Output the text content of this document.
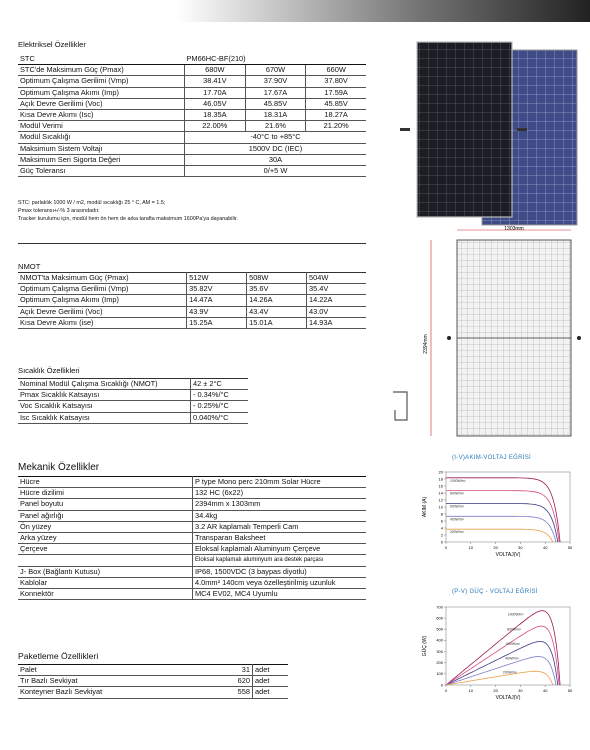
Elektriksel Özellikler
STC	PM66HC-BF(210)		
STC'de Maksimum Güç (Pmax)	680W	670W	660W
Optimum Çalışma Gerilimi (Vmp)	38.41V	37.90V	37.80V
Optimum Çalışma Akımı (Imp)	17.70A	17.67A	17.59A
Açık Devre Gerilimi (Voc)	46.05V	45.85V	45.85V
Kısa Devre Akımı (Isc)	18.35A	18.31A	18.27A
Modül Verimi	22.00%	21.6%	21.20%
Modül Sıcaklığı	-40°C to +85°C		
Maksimum Sistem Voltajı	1500V DC (IEC)		
Maksimum Seri Sigorta Değeri	30A		
Güç Toleransı	0/+5 W		
STC: parlaklık 1000 W / m2, modül sıcaklığı 25 ° C, AM = 1.5;
Pmax toleransı+/-% 3 arasındadır.
Tracker kurulumu için, modül hem ön hem de arka tarafta maksimum 1600Pa'ya dayanabilir.
NMOT
NMOT'ta Maksimum Güç (Pmax)	512W	508W	504W
Optimum Çalışma Gerilimi (Vmp)	35.82V	35.6V	35.4V
Optimum Çalışma Akımı (Imp)	14.47A	14.26A	14.22A
Açık Devre Gerilimi (Voc)	43.9V	43.4V	43.0V
Kısa Devre Akımı (ise)	15.25A	15.01A	14.93A
Sıcaklık Özellikleri
Nominal Modül Çalışma Sıcaklığı (NMOT)	42 ± 2°C
Pmax Sıcaklık Katsayısı	- 0.34%/°C
Voc Sıcaklık Katsayısı	- 0.25%/°C
Isc Sıcaklık Katsayısı	0.040%/°C
Mekanik Özellikler
Hücre	P type Mono perc 210mm Solar Hücre
Hücre dizilimi	132 HC (6x22)
Panel boyutu	2394mm x 1303mm
Panel ağırlığı	34.4kg
Ön yüzey	3.2 AR kaplamalı Temperli Cam
Arka yüzey	Transparan Baksheet
Çerçeve	Eloksal kaplamalı Aluminyum Çerçeve
	Eloksal kaplamalı aluminyum ara destek parçası
J- Box (Bağlantı Kutusu)	IP68, 1500VDC (3 baypas diyotlu)
Kablolar	4.0mm² 140cm veya özelleştirilmiş uzunluk
Konnektör	MC4 EV02, MC4 Uyumlu
Paketleme Özellikleri
Palet	31	adet
Tır Bazlı Sevkiyat	620	adet
Konteyner Bazlı Sevkiyat	558	adet
1303mm
2394mm
(I-V)AKIM-VOLTAJ EĞRİSİ
0	10	20	30	40	50
0
2
4
6
8
10
12
14
16
18
20
VOLTAJ(V)
AKIM (A)
1000W/m²
800W/m²
600W/m²
400W/m²
200W/m²
(P-V) GÜÇ - VOLTAJ EĞRİSİ
0	10	20	30	40	50
0
100
200
300
400
500
600
700
VOLTAJ(V)
GÜÇ (W)
1000W/m²
800W/m²
600W/m²
400W/m²
200W/m²
